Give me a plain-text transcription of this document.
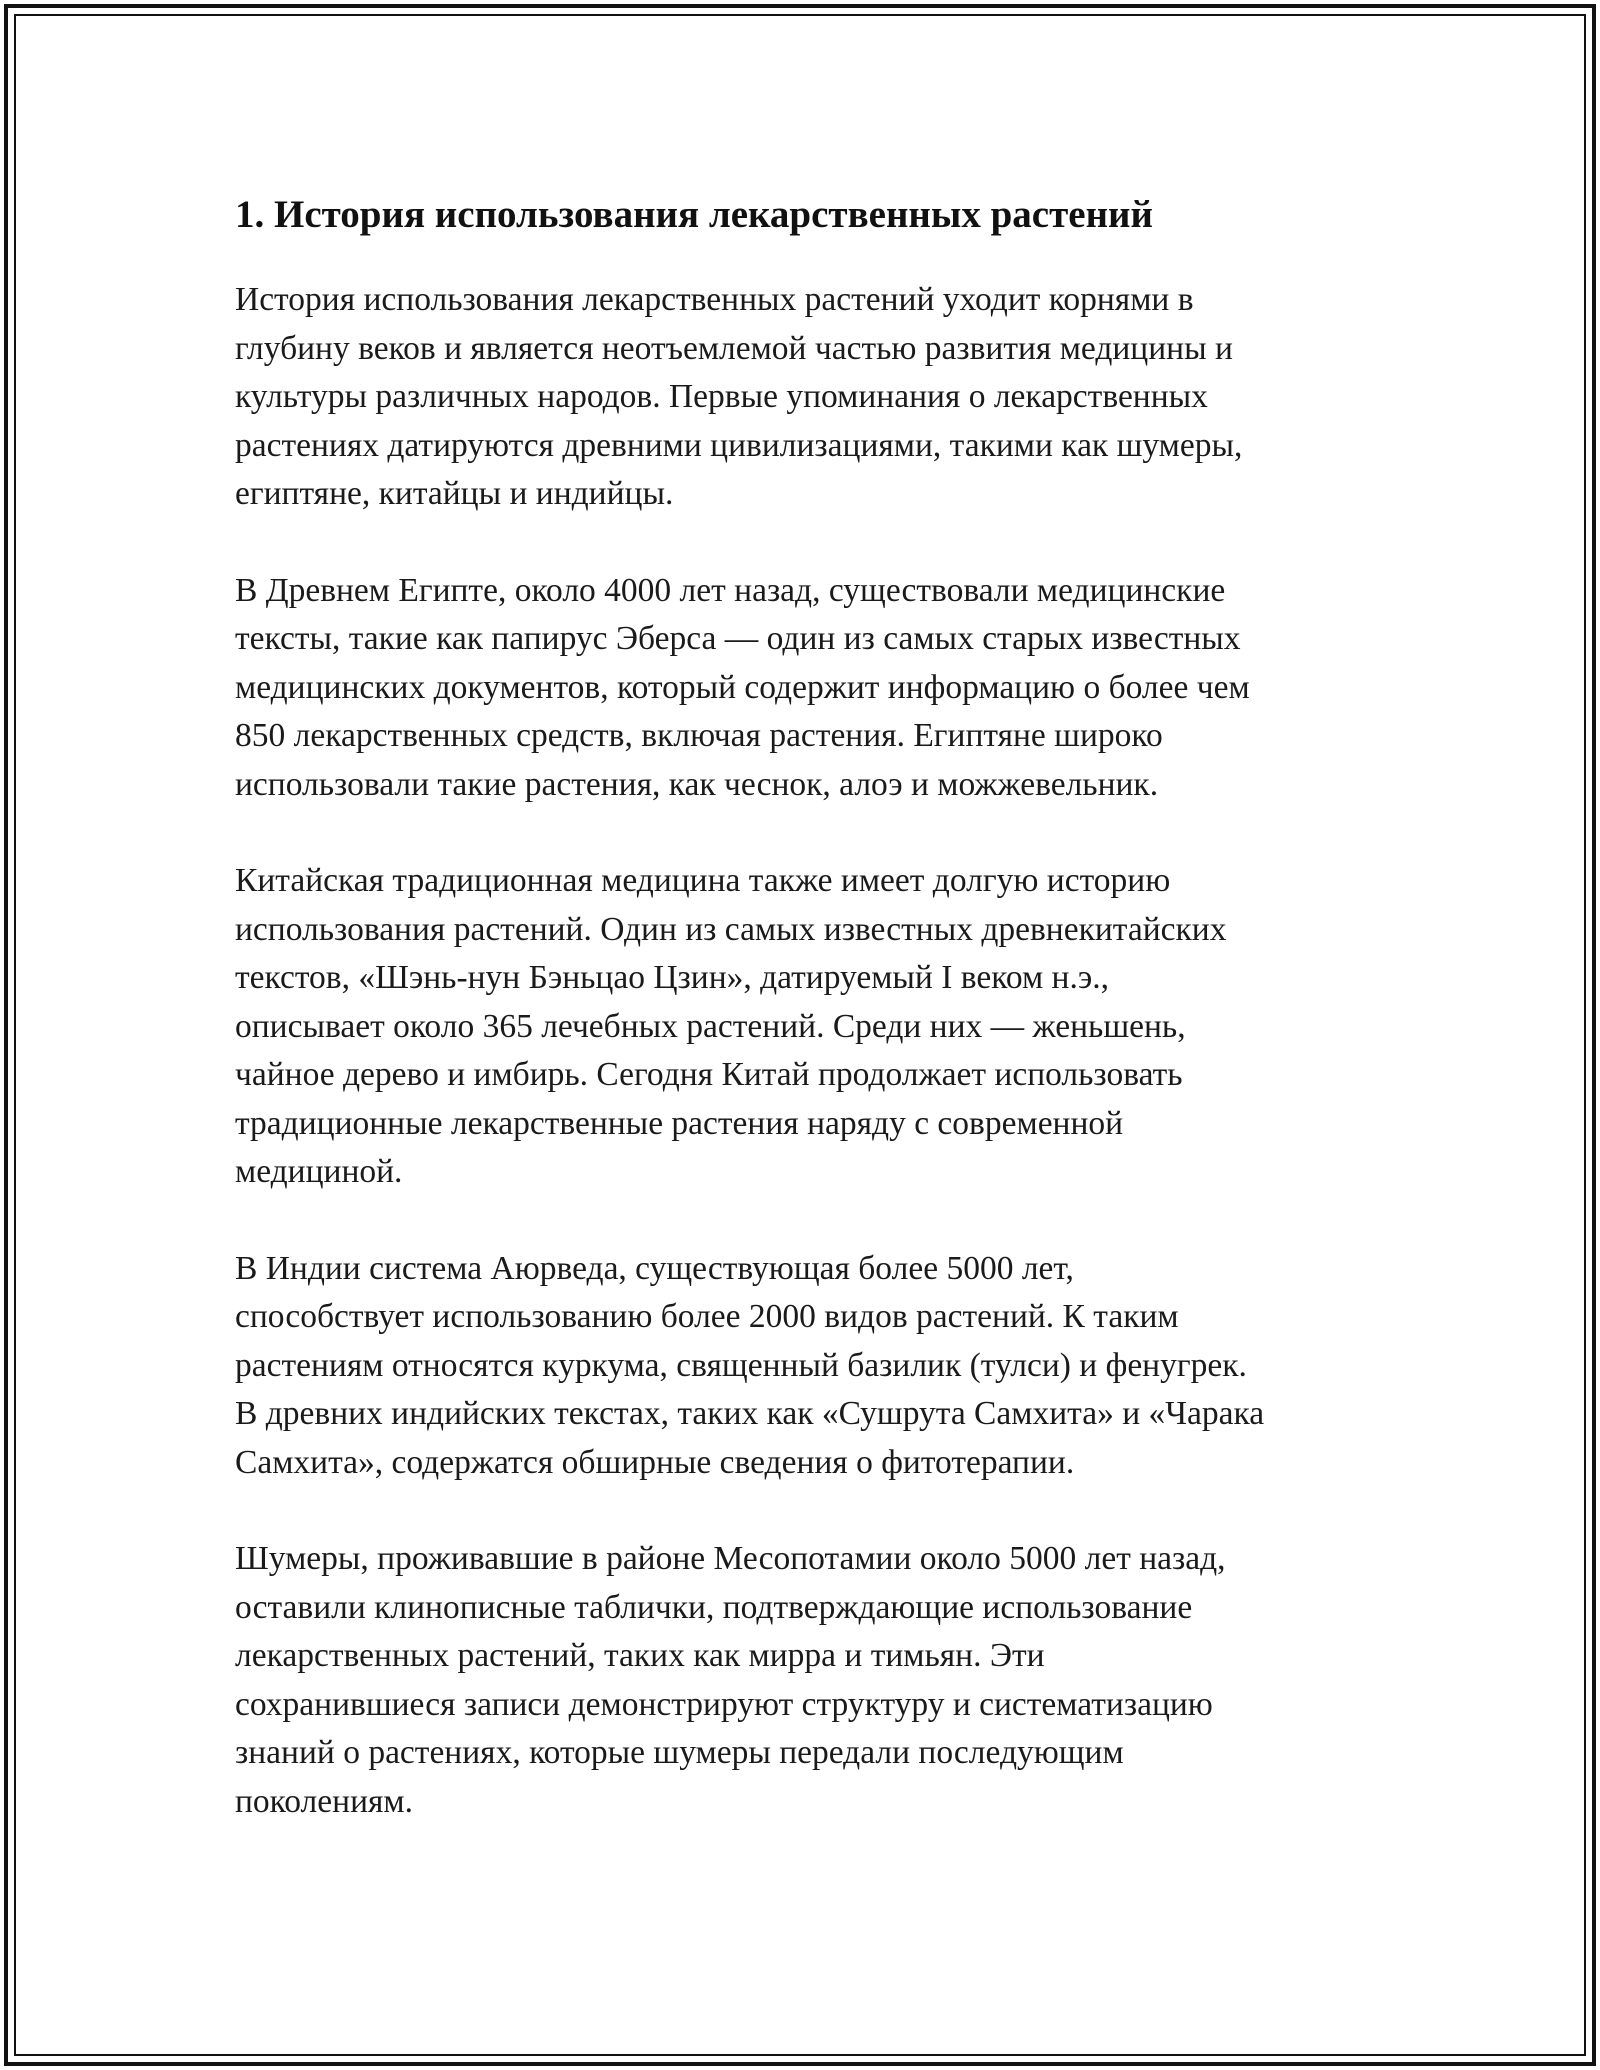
1. История использования лекарственных растений

История использования лекарственных растений уходит корнями в
глубину веков и является неотъемлемой частью развития медицины и
культуры различных народов. Первые упоминания о лекарственных
растениях датируются древними цивилизациями, такими как шумеры,
египтяне, китайцы и индийцы.

В Древнем Египте, около 4000 лет назад, существовали медицинские
тексты, такие как папирус Эберса — один из самых старых известных
медицинских документов, который содержит информацию о более чем
850 лекарственных средств, включая растения. Египтяне широко
использовали такие растения, как чеснок, алоэ и можжевельник.

Китайская традиционная медицина также имеет долгую историю
использования растений. Один из самых известных древнекитайских
текстов, «Шэнь-нун Бэньцао Цзин», датируемый I веком н.э.,
описывает около 365 лечебных растений. Среди них — женьшень,
чайное дерево и имбирь. Сегодня Китай продолжает использовать
традиционные лекарственные растения наряду с современной
медициной.

В Индии система Аюрведа, существующая более 5000 лет,
способствует использованию более 2000 видов растений. К таким
растениям относятся куркума, священный базилик (тулси) и фенугрек.
В древних индийских текстах, таких как «Сушрута Самхита» и «Чарака
Самхита», содержатся обширные сведения о фитотерапии.

Шумеры, проживавшие в районе Месопотамии около 5000 лет назад,
оставили клинописные таблички, подтверждающие использование
лекарственных растений, таких как мирра и тимьян. Эти
сохранившиеся записи демонстрируют структуру и систематизацию
знаний о растениях, которые шумеры передали последующим
поколениям.
